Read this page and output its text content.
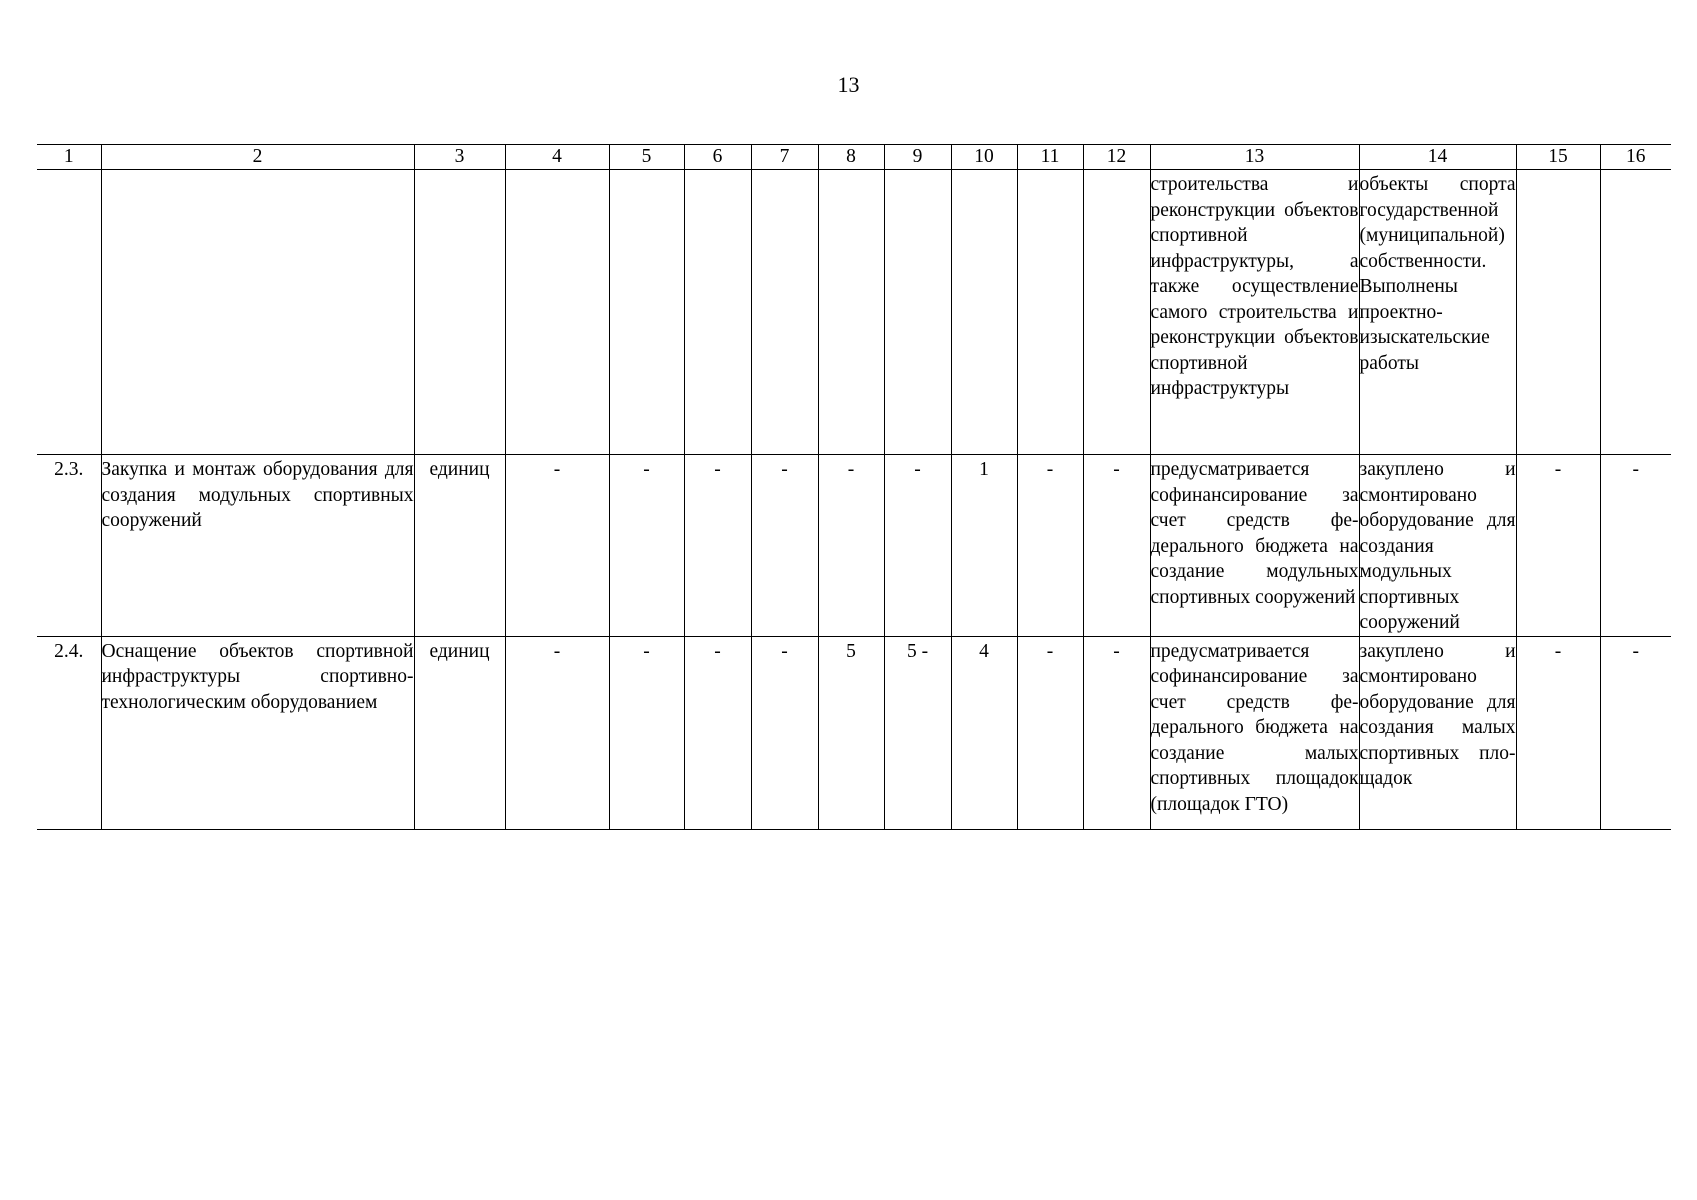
13
1	2	3	4	5	6	7	8	9	10	11	12	13	14	15	16
												строительства и реконструкции объектов спортивной инфраструктуры, а также осуществление самого строительства и реконструкции объектов спортивной инфраструктуры	объекты спорта государственной (муниципальной) собственности. Выполнены проектно-изыскательские работы		
2.3.	Закупка и монтаж оборудования для создания модульных спортивных сооружений	единиц	-	-	-	-	-	-	1	-	-	предусматривается софинансирование за счет средств федерального бюджета на создание модульных спортивных сооружений	закуплено и смонтировано оборудование для создания модульных спортивных сооружений	-	-
2.4.	Оснащение объектов спортивной инфраструктуры спортивно-технологическим оборудованием	единиц	-	-	-	-	5	5 -	4	-	-	предусматривается софинансирование за счет средств федерального бюджета на создание малых спортивных площадок (площадок ГТО)	закуплено и смонтировано оборудование для создания малых спортивных площадок	-	-
